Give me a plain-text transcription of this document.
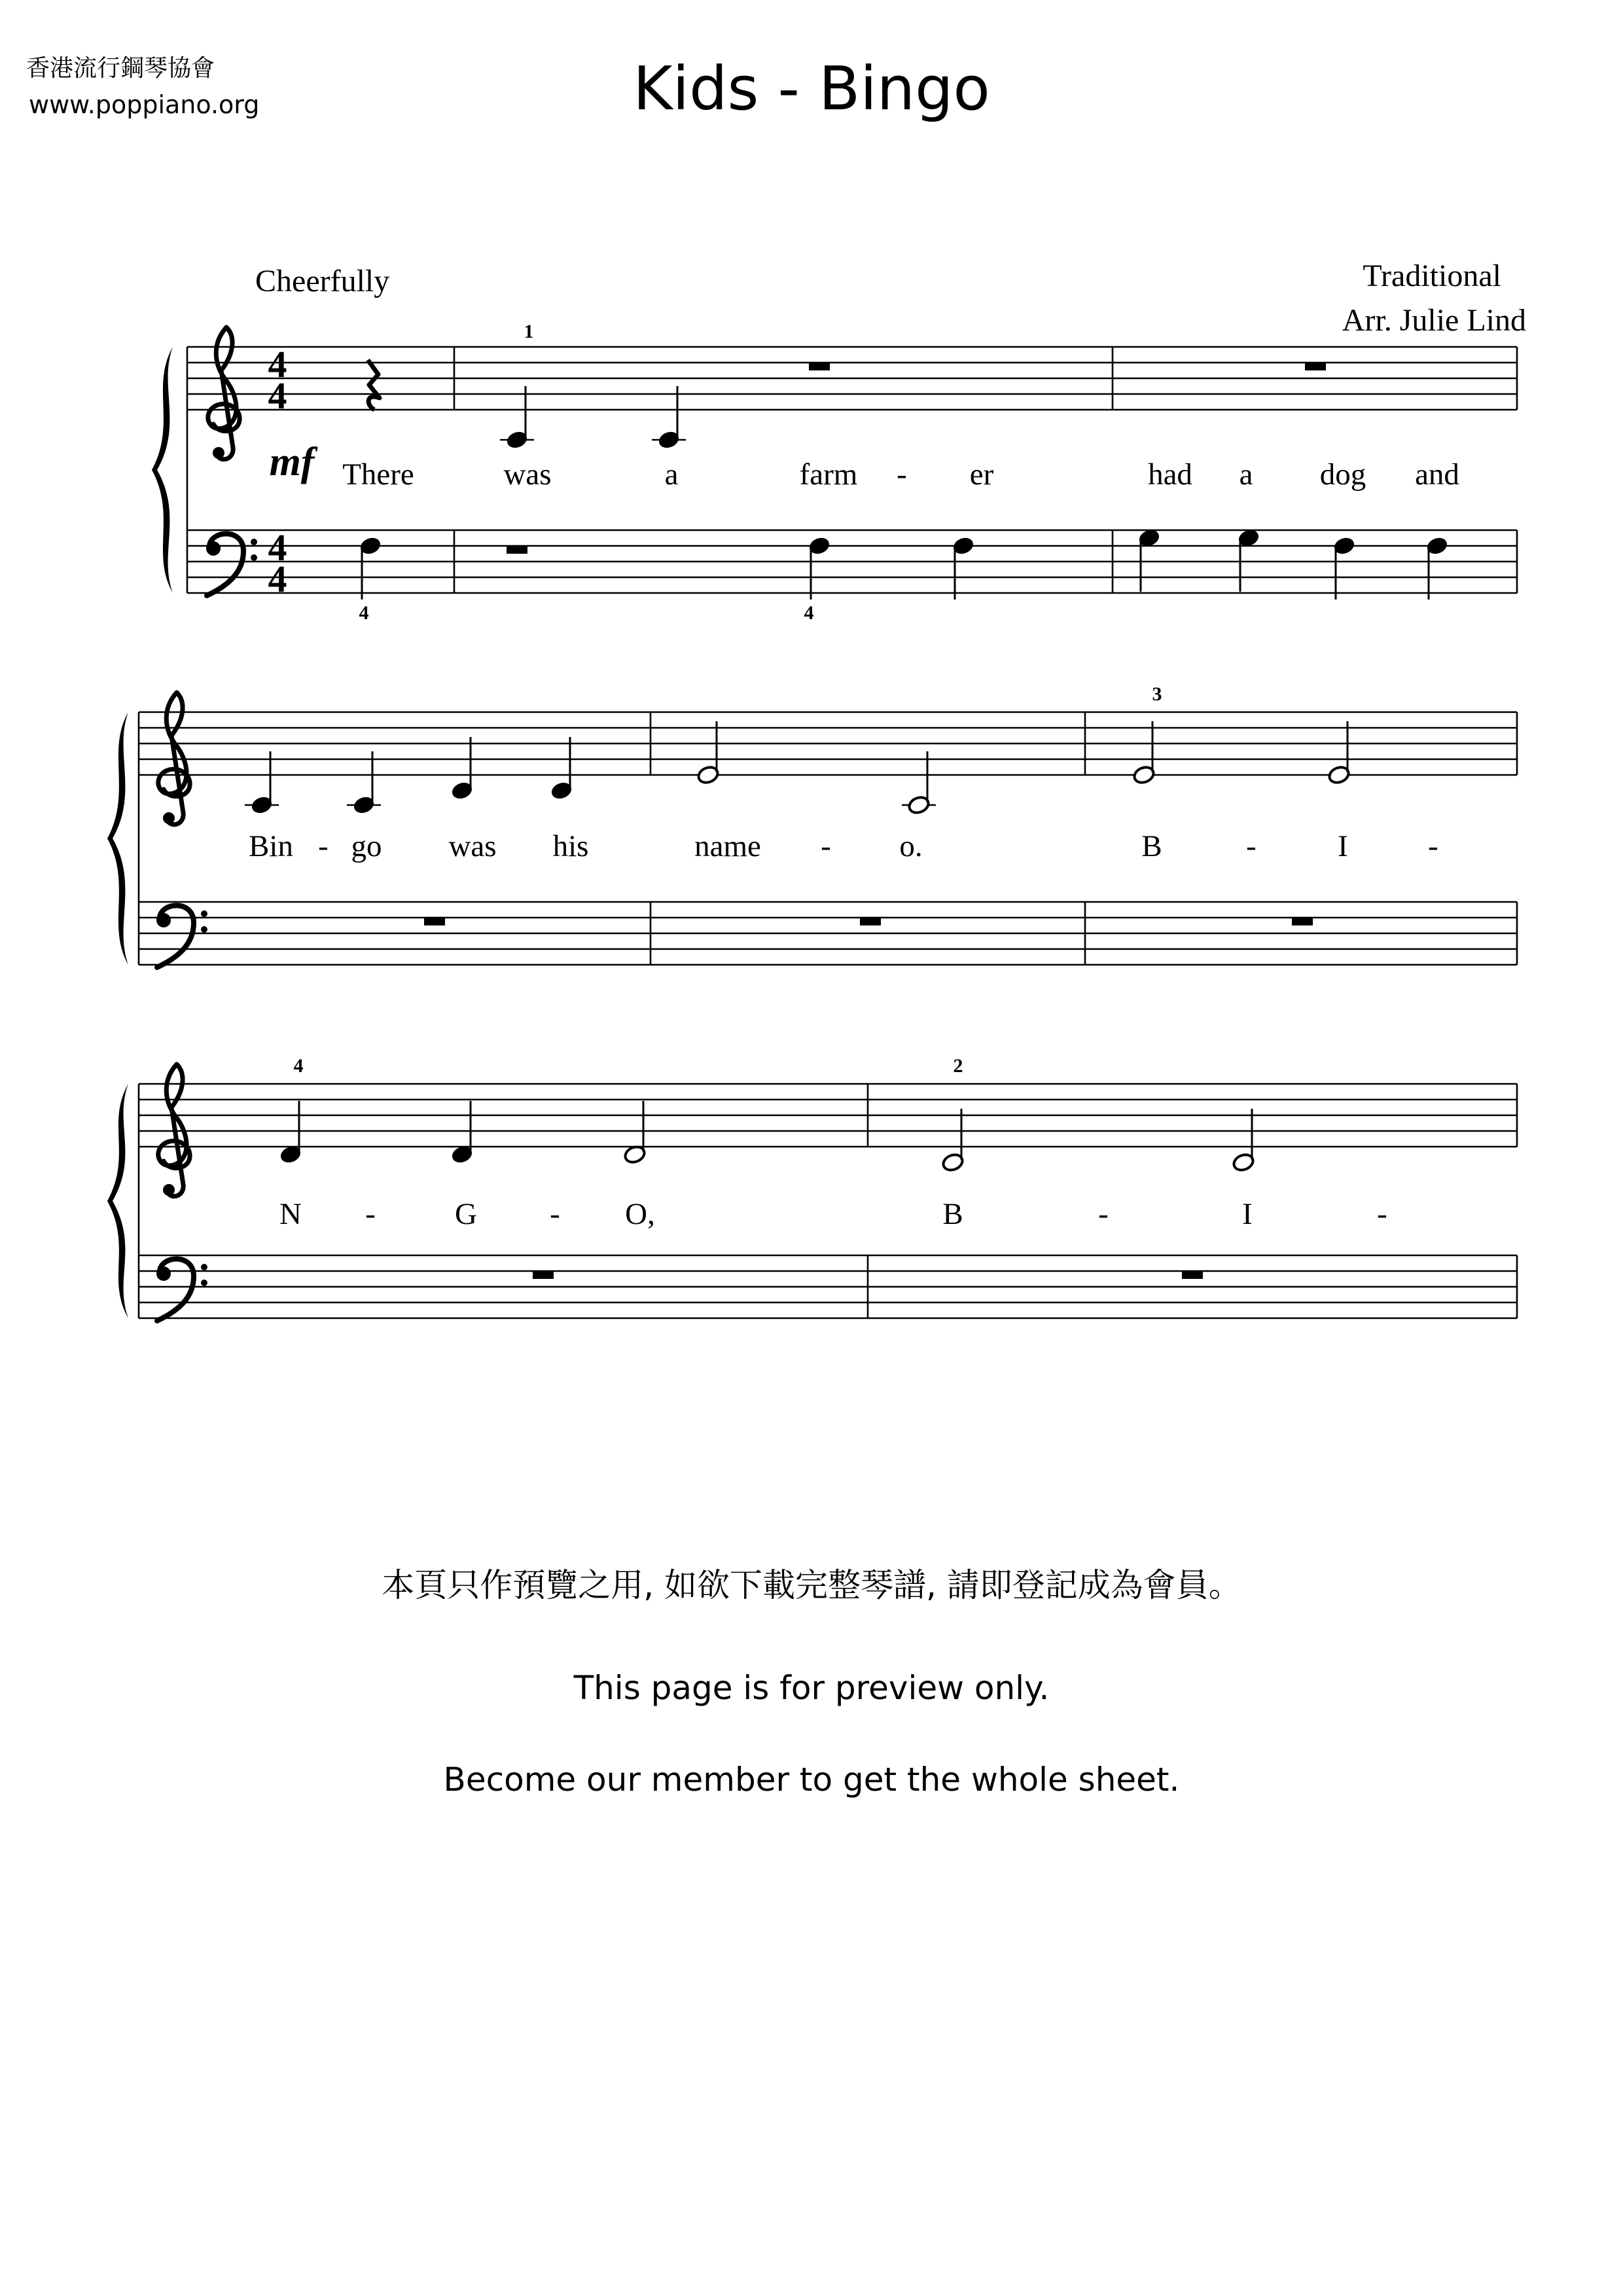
香港流行鋼琴協會
www.poppiano.org	Kids - Bingo
Cheerfully	Traditional
Arr. Julie Lind
4
4
4
4
mf
1
4	4
There	was	a	farm - er	had a dog and
3
Bin - go was his	name - o.	B	-	I	-
4	2
N -	G - O,	B	-	I	-
本頁只作預覽之用, 如欲下載完整琴譜, 請即登記成為會員。
This page is for preview only.
Become our member to get the whole sheet.
